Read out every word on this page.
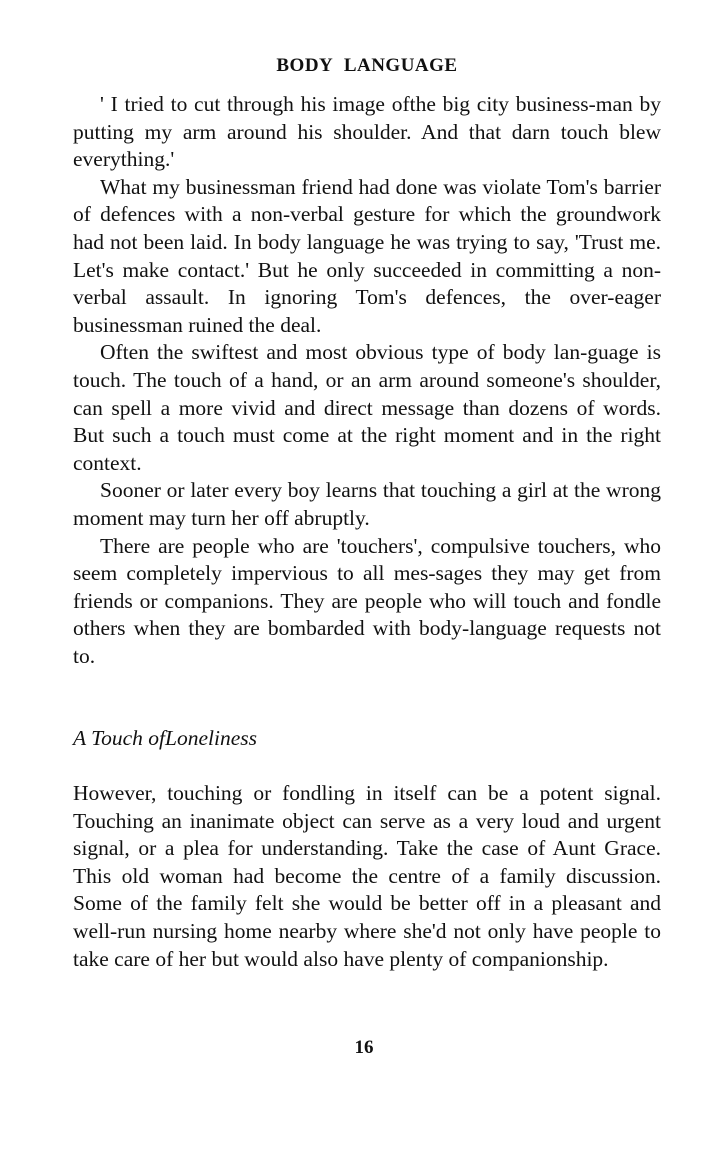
BODY LANGUAGE

' I tried to cut through his image ofthe big city business-man by putting my arm around his shoulder. And that darn touch blew everything.'

What my businessman friend had done was violate Tom's barrier of defences with a non-verbal gesture for which the groundwork had not been laid. In body language he was trying to say, 'Trust me. Let's make contact.' But he only succeeded in committing a non-verbal assault. In ignoring Tom's defences, the over-eager businessman ruined the deal.

Often the swiftest and most obvious type of body lan-guage is touch. The touch of a hand, or an arm around someone's shoulder, can spell a more vivid and direct message than dozens of words. But such a touch must come at the right moment and in the right context.

Sooner or later every boy learns that touching a girl at the wrong moment may turn her off abruptly.

There are people who are 'touchers', compulsive touchers, who seem completely impervious to all mes-sages they may get from friends or companions. They are people who will touch and fondle others when they are bombarded with body-language requests not to.

A Touch ofLoneliness

However, touching or fondling in itself can be a potent signal. Touching an inanimate object can serve as a very loud and urgent signal, or a plea for understanding. Take the case of Aunt Grace. This old woman had become the centre of a family discussion. Some of the family felt she would be better off in a pleasant and well-run nursing home nearby where she'd not only have people to take care of her but would also have plenty of companionship.

16
